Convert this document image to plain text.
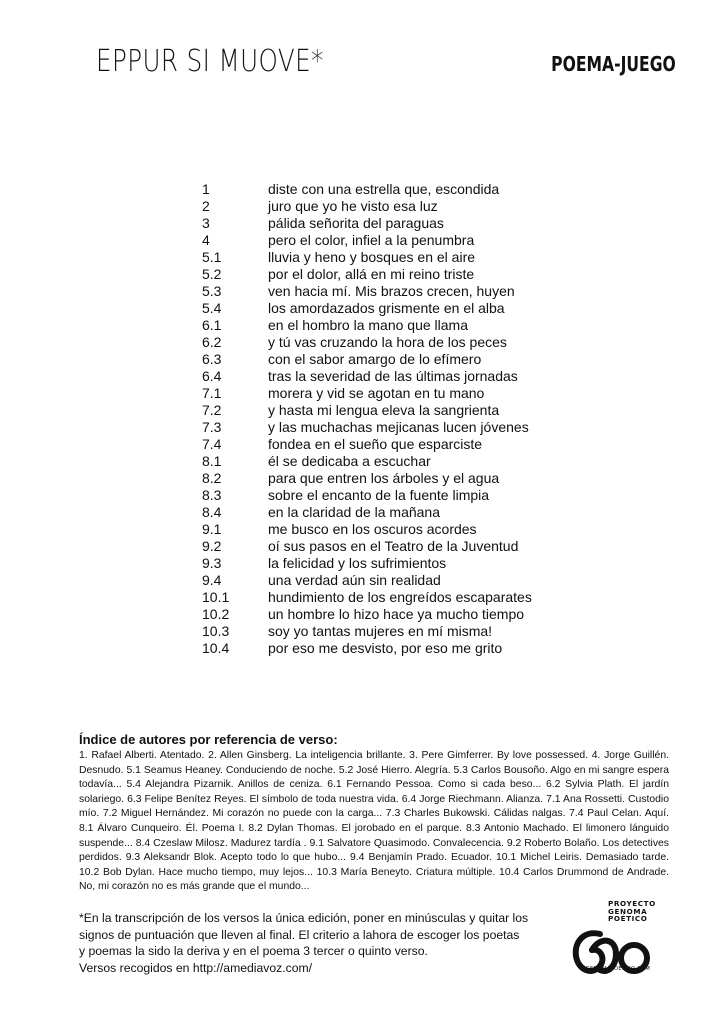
EPPUR SI MUOVE*	POEMA-JUEGO
1	diste con una estrella que, escondida
2	juro que yo he visto esa luz
3	pálida señorita del paraguas
4	pero el color, infiel a la penumbra
5.1	lluvia y heno y bosques en el aire
5.2	por el dolor, allá en mi reino triste
5.3	ven hacia mí. Mis brazos crecen, huyen
5.4	los amordazados grismente en el alba
6.1	en el hombro la mano que llama
6.2	y tú vas cruzando la hora de los peces
6.3	con el sabor amargo de lo efímero
6.4	tras la severidad de las últimas jornadas
7.1	morera y vid se agotan en tu mano
7.2	y hasta mi lengua eleva la sangrienta
7.3	y las muchachas mejicanas lucen jóvenes
7.4	fondea en el sueño que esparciste
8.1	él se dedicaba a escuchar
8.2	para que entren los árboles y el agua
8.3	sobre el encanto de la fuente limpia
8.4	en la claridad de la mañana
9.1	me busco en los oscuros acordes
9.2	oí sus pasos en el Teatro de la Juventud
9.3	la felicidad y los sufrimientos
9.4	una verdad aún sin realidad
10.1	hundimiento de los engreídos escaparates
10.2	un hombre lo hizo hace ya mucho tiempo
10.3	soy yo tantas mujeres en mí misma!
10.4	por eso me desvisto, por eso me grito
Índice de autores por referencia de verso:
1. Rafael Alberti. Atentado. 2. Allen Ginsberg. La inteligencia brillante. 3. Pere Gimferrer. By love possessed. 4. Jorge Guillén. Desnudo. 5.1 Seamus Heaney. Conduciendo de noche. 5.2 José Hierro. Alegría. 5.3 Carlos Bousoño. Algo en mi sangre espera todavía... 5.4 Alejandra Pizarnik. Anillos de ceniza. 6.1 Fernando Pessoa. Como si cada beso... 6.2 Sylvia Plath. El jardín solariego. 6.3 Felipe Benítez Reyes. El símbolo de toda nuestra vida. 6.4 Jorge Riechmann. Alianza. 7.1 Ana Rossetti. Custodio mío. 7.2 Miguel Hernández. Mi corazón no puede con la carga... 7.3 Charles Bukowski. Cálidas nalgas. 7.4 Paul Celan. Aquí. 8.1 Álvaro Cunqueiro. Él. Poema I. 8.2 Dylan Thomas. El jorobado en el parque. 8.3 Antonio Machado. El limonero lánguido suspende... 8.4 Czeslaw Milosz. Madurez tardía . 9.1 Salvatore Quasimodo. Convalecencia. 9.2 Roberto Bolaño. Los detectives perdidos. 9.3 Aleksandr Blok. Acepto todo lo que hubo... 9.4 Benjamín Prado. Ecuador. 10.1 Michel Leiris. Demasiado tarde. 10.2 Bob Dylan. Hace mucho tiempo, muy lejos... 10.3 María Beneyto. Criatura múltiple. 10.4 Carlos Drummond de Andrade. No, mi corazón no es más grande que el mundo...
*En la transcripción de los versos la única edición, poner en minúsculas y quitar los
signos de puntuación que lleven al final. El criterio a lahora de escoger los poetas
y poemas la sido la deriva y en el poema 3 tercer o quinto verso.
Versos recogidos en http://amediavoz.com/
PROYECTO
GENOMA
POÉTICO
GENOMAPOETICO.COM
